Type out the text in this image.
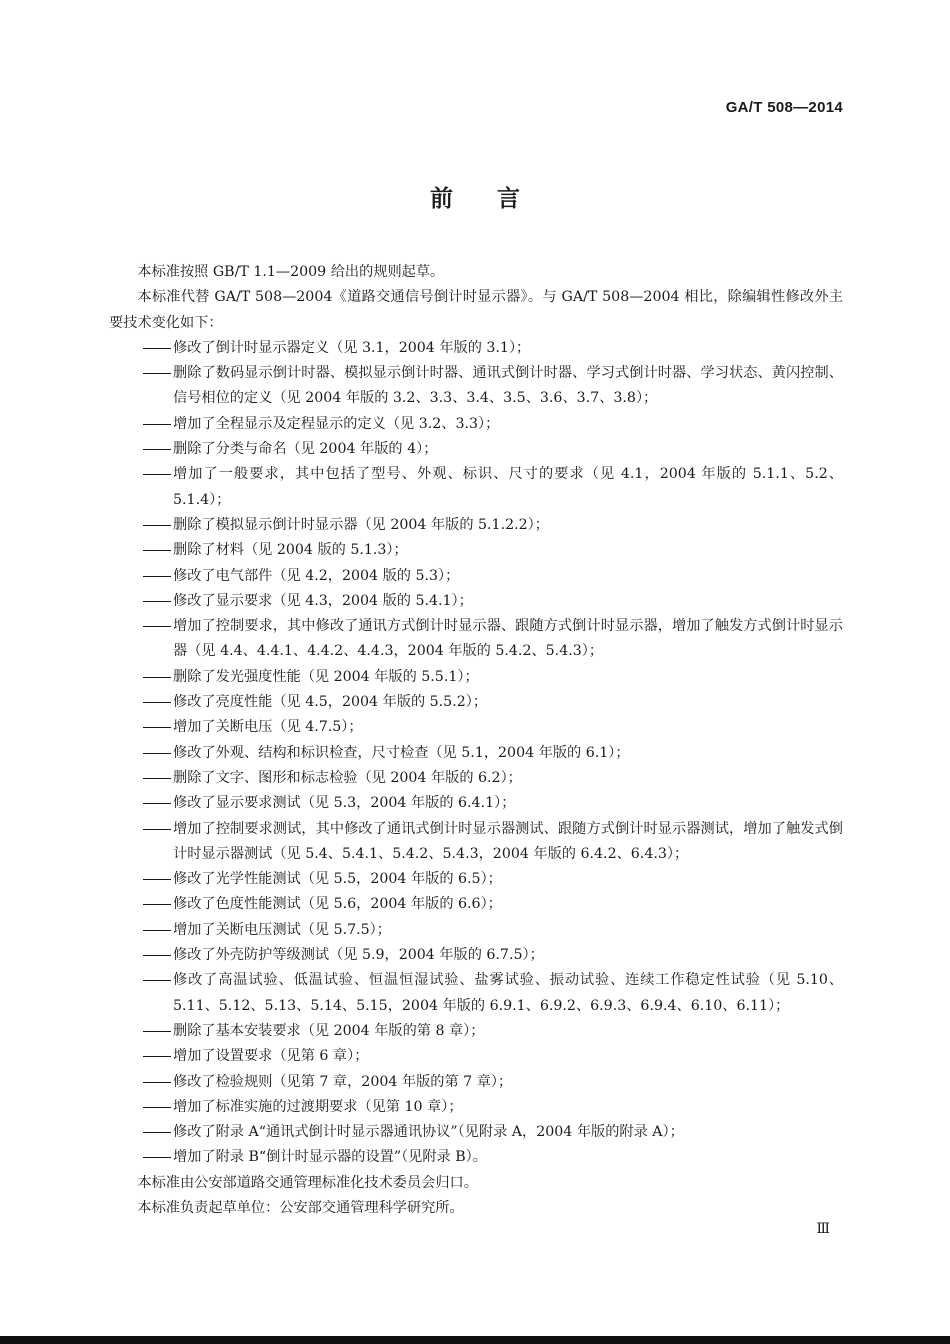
GA/T 508—2014
前言

本标准按照 GB/T 1.1—2009 给出的规则起草。

本标准代替 GA/T 508—2004《道路交通信号倒计时显示器》。与 GA/T 508—2004 相比，除编辑性修改外主要技术变化如下：

修改了倒计时显示器定义（见 3.1，2004 年版的 3.1）；

删除了数码显示倒计时器、模拟显示倒计时器、通讯式倒计时器、学习式倒计时器、学习状态、黄闪控制、信号相位的定义（见 2004 年版的 3.2、3.3、3.4、3.5、3.6、3.7、3.8）；

增加了全程显示及定程显示的定义（见 3.2、3.3）；

删除了分类与命名（见 2004 年版的 4）；

增加了一般要求，其中包括了型号、外观、标识、尺寸的要求（见 4.1，2004 年版的 5.1.1、5.2、5.1.4）；

删除了模拟显示倒计时显示器（见 2004 年版的 5.1.2.2）；

删除了材料（见 2004 版的 5.1.3）；

修改了电气部件（见 4.2，2004 版的 5.3）；

修改了显示要求（见 4.3，2004 版的 5.4.1）；

增加了控制要求，其中修改了通讯方式倒计时显示器、跟随方式倒计时显示器，增加了触发方式倒计时显示器（见 4.4、4.4.1、4.4.2、4.4.3，2004 年版的 5.4.2、5.4.3）；

删除了发光强度性能（见 2004 年版的 5.5.1）；

修改了亮度性能（见 4.5，2004 年版的 5.5.2）；

增加了关断电压（见 4.7.5）；

修改了外观、结构和标识检查，尺寸检查（见 5.1，2004 年版的 6.1）；

删除了文字、图形和标志检验（见 2004 年版的 6.2）；

修改了显示要求测试（见 5.3，2004 年版的 6.4.1）；

增加了控制要求测试，其中修改了通讯式倒计时显示器测试、跟随方式倒计时显示器测试，增加了触发式倒计时显示器测试（见 5.4、5.4.1、5.4.2、5.4.3，2004 年版的 6.4.2、6.4.3）；

修改了光学性能测试（见 5.5，2004 年版的 6.5）；

修改了色度性能测试（见 5.6，2004 年版的 6.6）；

增加了关断电压测试（见 5.7.5）；

修改了外壳防护等级测试（见 5.9，2004 年版的 6.7.5）；

修改了高温试验、低温试验、恒温恒湿试验、盐雾试验、振动试验、连续工作稳定性试验（见 5.10、5.11、5.12、5.13、5.14、5.15，2004 年版的 6.9.1、6.9.2、6.9.3、6.9.4、6.10、6.11）；

删除了基本安装要求（见 2004 年版的第 8 章）；

增加了设置要求（见第 6 章）；

修改了检验规则（见第 7 章，2004 年版的第 7 章）；

增加了标准实施的过渡期要求（见第 10 章）；

修改了附录 A“通讯式倒计时显示器通讯协议”（见附录 A，2004 年版的附录 A）；

增加了附录 B“倒计时显示器的设置”（见附录 B）。

本标准由公安部道路交通管理标准化技术委员会归口。

本标准负责起草单位：公安部交通管理科学研究所。

Ⅲ
